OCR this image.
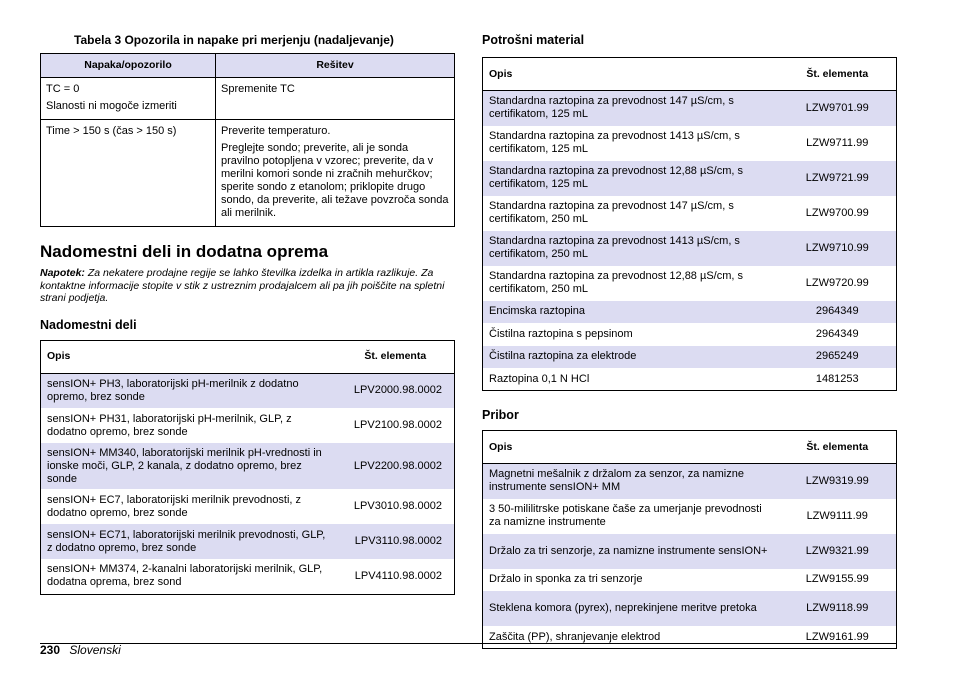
Tabela 3 Opozorila in napake pri merjenju (nadaljevanje)
Napaka/opozorilo	Rešitev

TC = 0

Slanosti ni mogoče izmeriti	Spremenite TC

Time > 150 s (čas > 150 s)	Preverite temperaturo.

Preglejte sondo; preverite, ali je sonda pravilno potopljena v vzorec; preverite, da v merilni komori sonde ni zračnih mehurčkov; sperite sondo z etanolom; priklopite drugo sondo, da preverite, ali težave povzroča sonda ali merilnik.

Nadomestni deli in dodatna oprema

Napotek: Za nekatere prodajne regije se lahko številka izdelka in artikla razlikuje. Za kontaktne informacije stopite v stik z ustreznim prodajalcem ali pa jih poiščite na spletni strani podjetja.

Nadomestni deli
Opis	Št. elementa
sensION+ PH3, laboratorijski pH-merilnik z dodatno opremo, brez sonde	LPV2000.98.0002
sensION+ PH31, laboratorijski pH-merilnik, GLP, z dodatno opremo, brez sonde	LPV2100.98.0002
sensION+ MM340, laboratorijski merilnik pH-vrednosti in ionske moči, GLP, 2 kanala, z dodatno opremo, brez sonde	LPV2200.98.0002
sensION+ EC7, laboratorijski merilnik prevodnosti, z dodatno opremo, brez sonde	LPV3010.98.0002
sensION+ EC71, laboratorijski merilnik prevodnosti, GLP, z dodatno opremo, brez sonde	LPV3110.98.0002
sensION+ MM374, 2-kanalni laboratorijski merilnik, GLP, dodatna oprema, brez sond	LPV4110.98.0002
Potrošni material
Opis	Št. elementa
Standardna raztopina za prevodnost 147 µS/cm, s certifikatom, 125 mL	LZW9701.99
Standardna raztopina za prevodnost 1413 µS/cm, s certifikatom, 125 mL	LZW9711.99
Standardna raztopina za prevodnost 12,88 µS/cm, s certifikatom, 125 mL	LZW9721.99
Standardna raztopina za prevodnost 147 µS/cm, s certifikatom, 250 mL	LZW9700.99
Standardna raztopina za prevodnost 1413 µS/cm, s certifikatom, 250 mL	LZW9710.99
Standardna raztopina za prevodnost 12,88 µS/cm, s certifikatom, 250 mL	LZW9720.99
Encimska raztopina	2964349
Čistilna raztopina s pepsinom	2964349
Čistilna raztopina za elektrode	2965249
Raztopina 0,1 N HCl	1481253
Pribor
Opis	Št. elementa
Magnetni mešalnik z držalom za senzor, za namizne instrumente sensION+ MM	LZW9319.99
3 50-mililitrske potiskane čaše za umerjanje prevodnosti za namizne instrumente	LZW9111.99
Držalo za tri senzorje, za namizne instrumente sensION+	LZW9321.99
Držalo in sponka za tri senzorje	LZW9155.99
Steklena komora (pyrex), neprekinjene meritve pretoka	LZW9118.99
Zaščita (PP), shranjevanje elektrod	LZW9161.99
230 Slovenski
